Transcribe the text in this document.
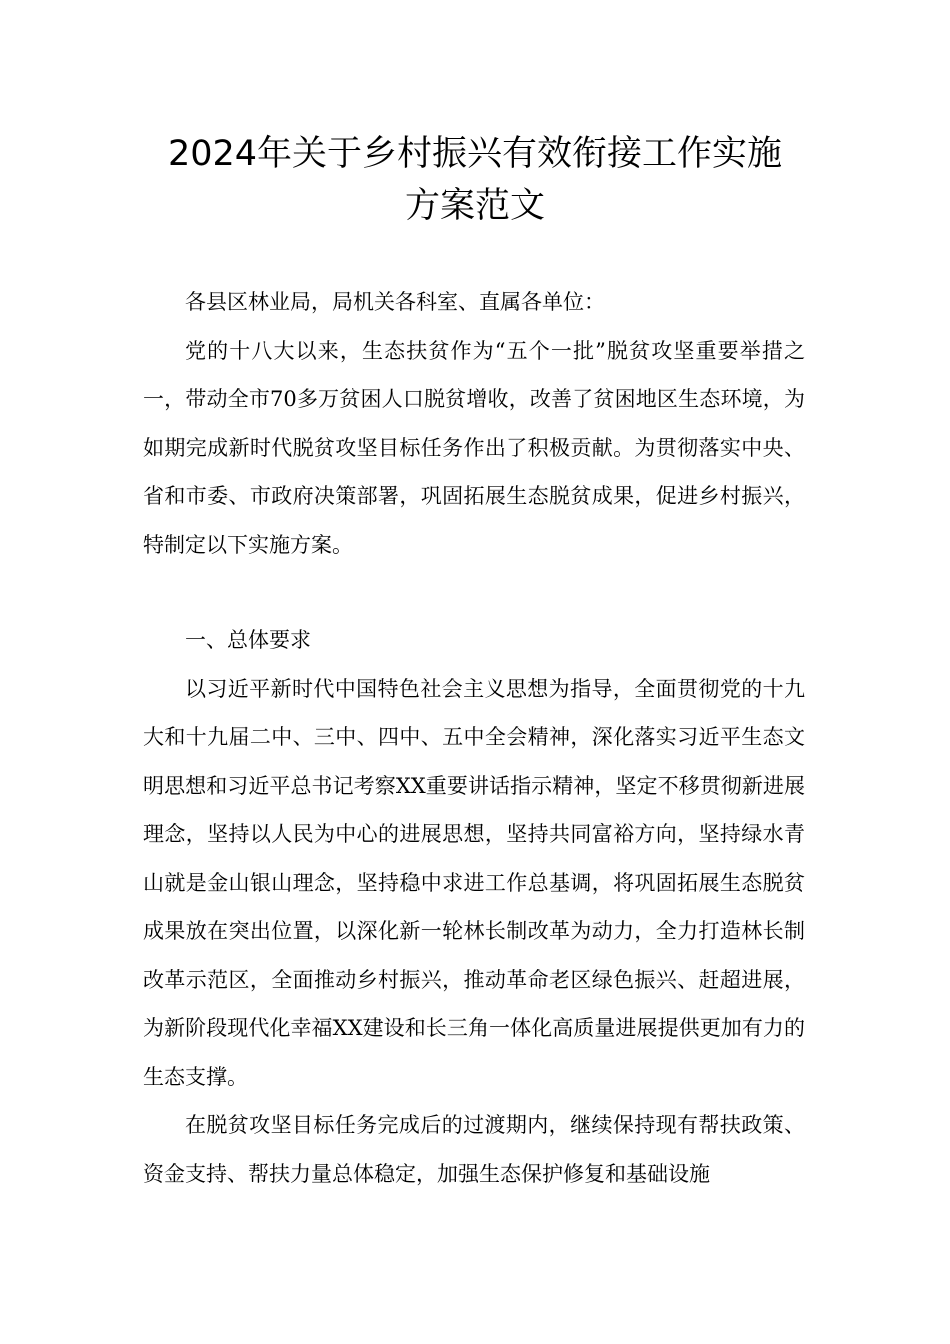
2024年关于乡村振兴有效衔接工作实施
方案范文

各县区林业局，局机关各科室、直属各单位：

党的十八大以来，生态扶贫作为“五个一批”脱贫攻坚重要举措之一，带动全市70多万贫困人口脱贫增收，改善了贫困地区生态环境，为如期完成新时代脱贫攻坚目标任务作出了积极贡献。为贯彻落实中央、省和市委、市政府决策部署，巩固拓展生态脱贫成果，促进乡村振兴，特制定以下实施方案。

一、总体要求

以习近平新时代中国特色社会主义思想为指导，全面贯彻党的十九大和十九届二中、三中、四中、五中全会精神，深化落实习近平生态文明思想和习近平总书记考察XX重要讲话指示精神，坚定不移贯彻新进展理念，坚持以人民为中心的进展思想，坚持共同富裕方向，坚持绿水青山就是金山银山理念，坚持稳中求进工作总基调，将巩固拓展生态脱贫成果放在突出位置，以深化新一轮林长制改革为动力，全力打造林长制改革示范区，全面推动乡村振兴，推动革命老区绿色振兴、赶超进展，为新阶段现代化幸福XX建设和长三角一体化高质量进展提供更加有力的生态支撑。

在脱贫攻坚目标任务完成后的过渡期内，继续保持现有帮扶政策、资金支持、帮扶力量总体稳定，加强生态保护修复和基础设施
